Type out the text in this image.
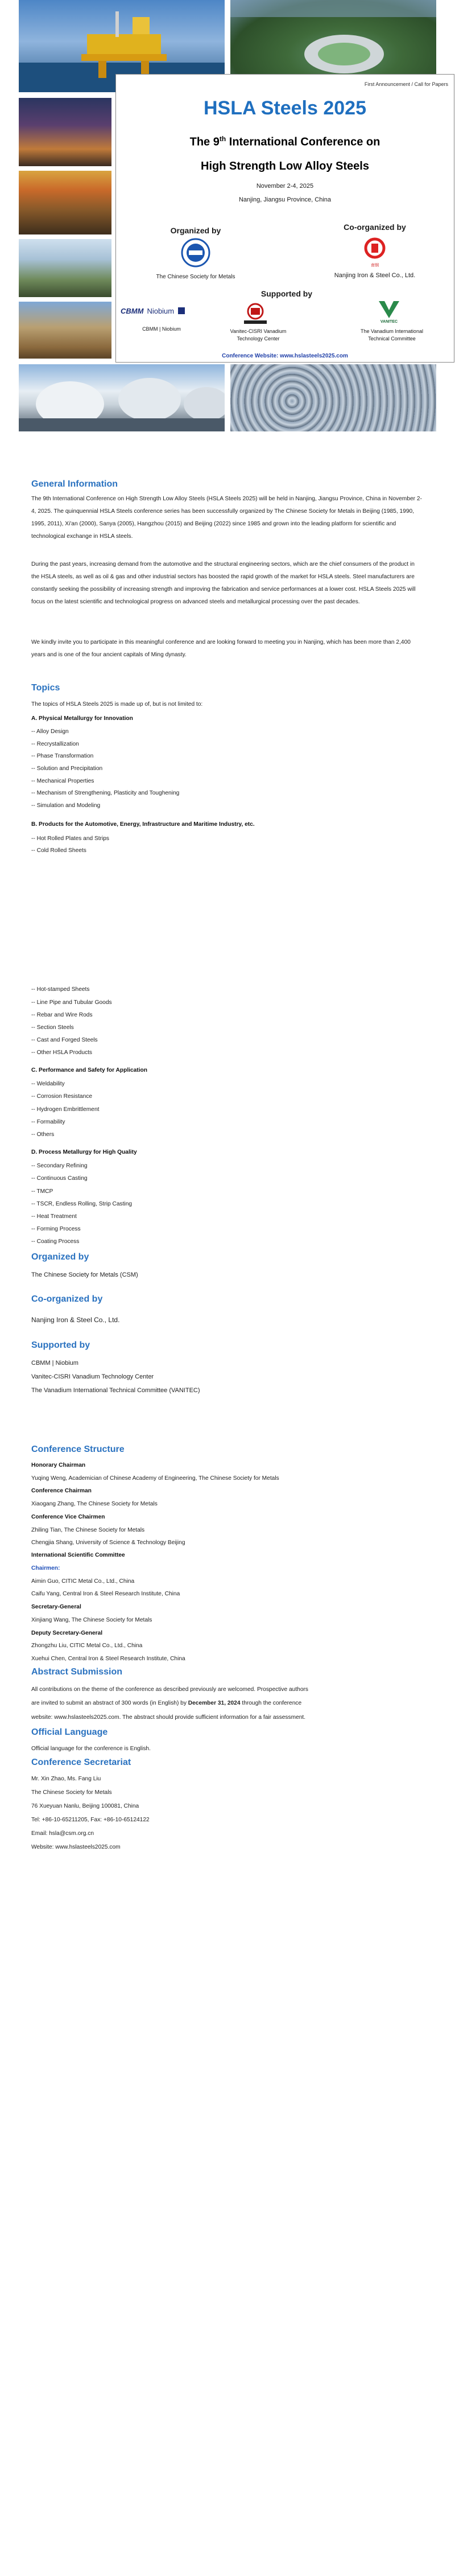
First Announcement / Call for Papers
HSLA Steels 2025
The 9th International Conference on
High Strength Low Alloy Steels
November 2-4, 2025
Nanjing, Jiangsu Province, China
Organized by
The Chinese Society for Metals
Co-organized by
南钢
Nanjing Iron & Steel Co., Ltd.
Supported by
CBMM Niobium
CBMM | Niobium	Vanitec-CISRI Vanadium
Technology Center
VANITEC
The Vanadium International
Technical Committee
Conference Website: www.hslasteels2025.com
General Information
The 9th International Conference on High Strength Low Alloy Steels (HSLA Steels 2025) will be held in Nanjing, Jiangsu Province, China in November 2-4, 2025. The quinquennial HSLA Steels conference series has been successfully organized by The Chinese Society for Metals in Beijing (1985, 1990, 1995, 2011), Xi'an (2000), Sanya (2005), Hangzhou (2015) and Beijing (2022) since 1985 and grown into the leading platform for scientific and technological exchange in HSLA steels.
During the past years, increasing demand from the automotive and the structural engineering sectors, which are the chief consumers of the product in the HSLA steels, as well as oil & gas and other industrial sectors has boosted the rapid growth of the market for HSLA steels. Steel manufacturers are constantly seeking the possibility of increasing strength and improving the fabrication and service performances at a lower cost. HSLA Steels 2025 will focus on the latest scientific and technological progress on advanced steels and metallurgical processing over the past decades.
We kindly invite you to participate in this meaningful conference and are looking forward to meeting you in Nanjing, which has been more than 2,400 years and is one of the four ancient capitals of Ming dynasty.
Topics
The topics of HSLA Steels 2025 is made up of, but is not limited to:
A. Physical Metallurgy for Innovation
-- Alloy Design
-- Recrystallization
-- Phase Transformation
-- Solution and Precipitation
-- Mechanical Properties
-- Mechanism of Strengthening, Plasticity and Toughening
-- Simulation and Modeling
B. Products for the Automotive, Energy, Infrastructure and Maritime Industry, etc.
-- Hot Rolled Plates and Strips
-- Cold Rolled Sheets
-- Hot-stamped Sheets
-- Line Pipe and Tubular Goods
-- Rebar and Wire Rods
-- Section Steels
-- Cast and Forged Steels
-- Other HSLA Products
C. Performance and Safety for Application
-- Weldability
-- Corrosion Resistance
-- Hydrogen Embrittlement
-- Formability
-- Others
D. Process Metallurgy for High Quality
-- Secondary Refining
-- Continuous Casting
-- TMCP
-- TSCR, Endless Rolling, Strip Casting
-- Heat Treatment
-- Forming Process
-- Coating Process
Organized by
The Chinese Society for Metals (CSM)
Co-organized by
Nanjing Iron & Steel Co., Ltd.
Supported by
CBMM | Niobium
Vanitec-CISRI Vanadium Technology Center
The Vanadium International Technical Committee (VANITEC)
Conference Structure
Honorary Chairman
Yuqing Weng, Academician of Chinese Academy of Engineering, The Chinese Society for Metals
Conference Chairman
Xiaogang Zhang, The Chinese Society for Metals
Conference Vice Chairmen
Zhiling Tian, The Chinese Society for Metals
Chengjia Shang, University of Science & Technology Beijing
International Scientific Committee
Chairmen:
Aimin Guo, CITIC Metal Co., Ltd., China
Caifu Yang, Central Iron & Steel Research Institute, China
Secretary-General
Xinjiang Wang, The Chinese Society for Metals
Deputy Secretary-General
Zhongzhu Liu, CITIC Metal Co., Ltd., China
Xuehui Chen, Central Iron & Steel Research Institute, China
Abstract Submission
All contributions on the theme of the conference as described previously are welcomed. Prospective authors
are invited to submit an abstract of 300 words (in English) by December 31, 2024 through the conference
website: www.hslasteels2025.com. The abstract should provide sufficient information for a fair assessment.
Official Language
Official language for the conference is English.
Conference Secretariat
Mr. Xin Zhao, Ms. Fang Liu
The Chinese Society for Metals
76 Xueyuan Nanlu, Beijing 100081, China
Tel: +86-10-65211205, Fax: +86-10-65124122
Email: hsla@csm.org.cn
Website: www.hslasteels2025.com
